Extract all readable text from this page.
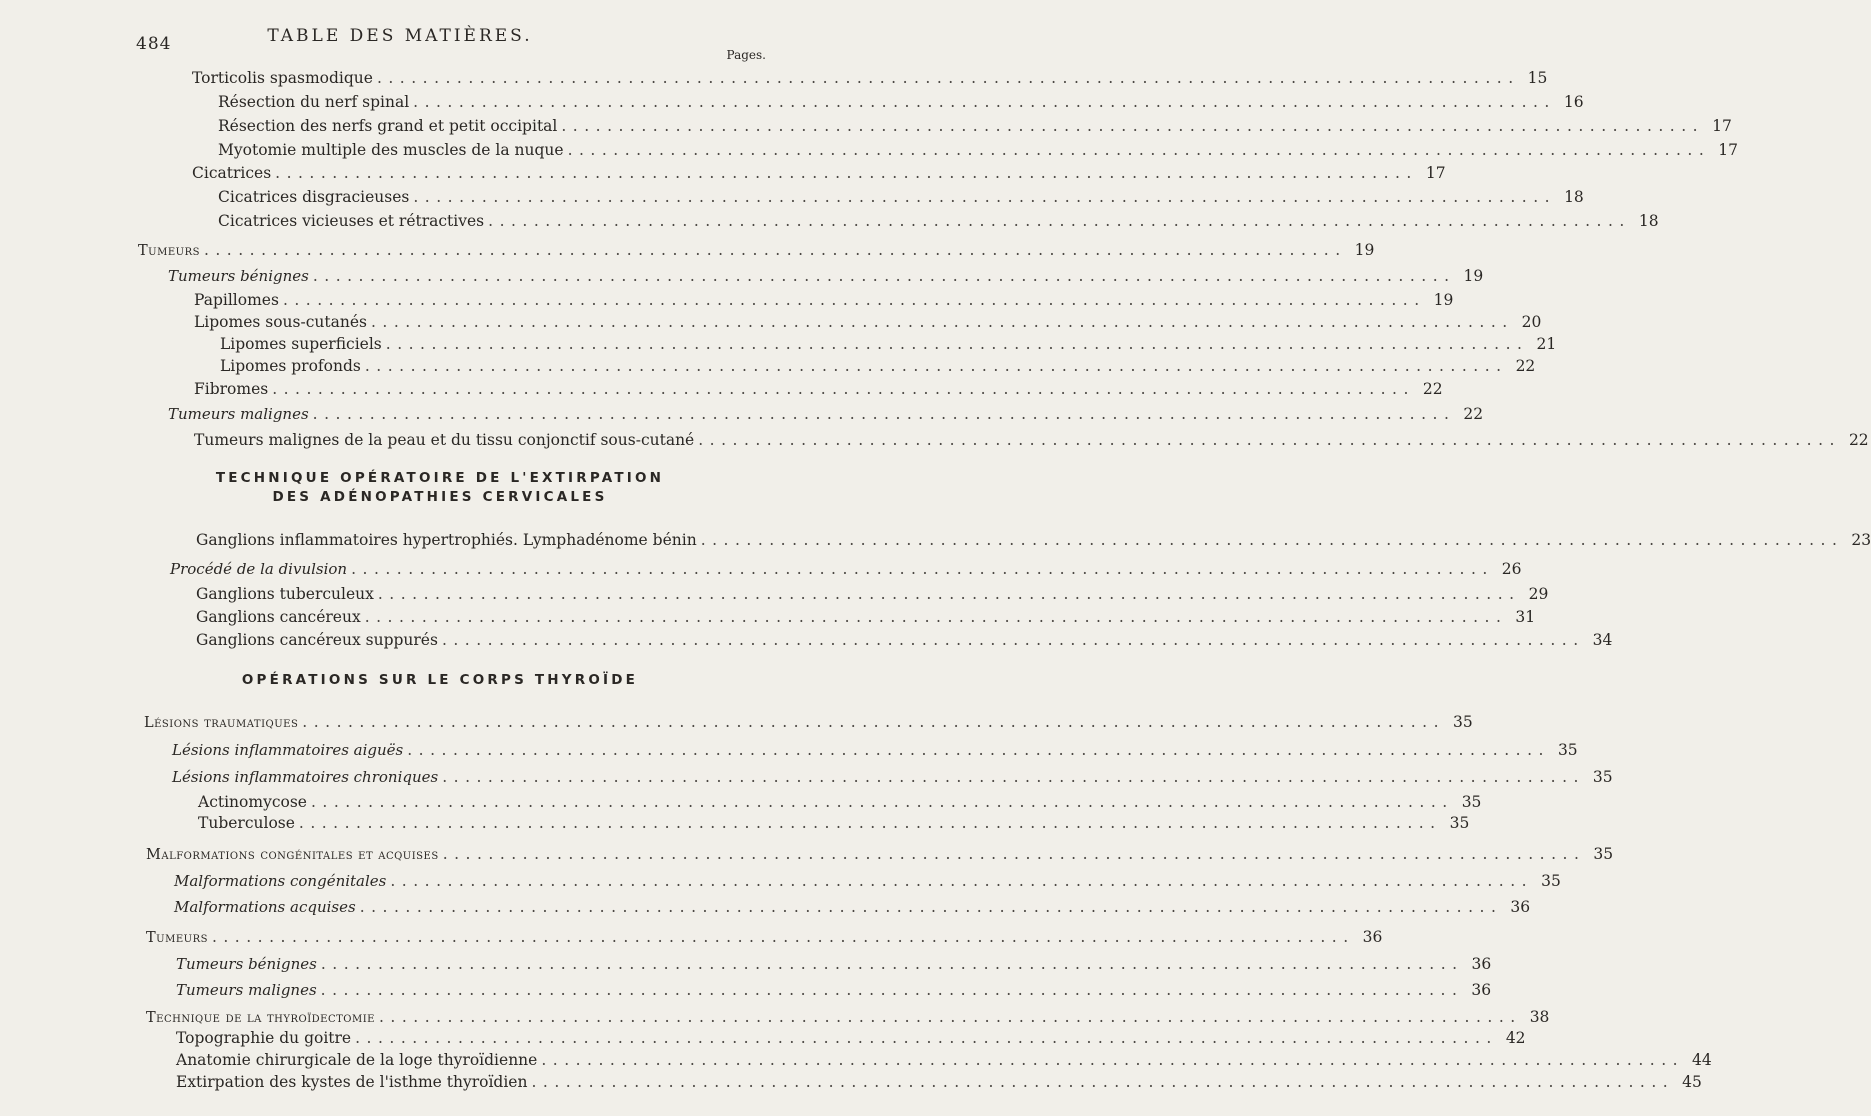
484	TABLE DES MATIÈRES.
Pages.
Torticolis spasmodique .................................................................................................... 15
Résection du nerf spinal .................................................................................................... 16
Résection des nerfs grand et petit occipital .................................................................................................... 17
Myotomie multiple des muscles de la nuque .................................................................................................... 17
Cicatrices .................................................................................................... 17
Cicatrices disgracieuses .................................................................................................... 18
Cicatrices vicieuses et rétractives .................................................................................................... 18
Tumeurs .................................................................................................... 19
Tumeurs bénignes .................................................................................................... 19
Papillomes .................................................................................................... 19
Lipomes sous-cutanés .................................................................................................... 20
Lipomes superficiels .................................................................................................... 21
Lipomes profonds .................................................................................................... 22
Fibromes .................................................................................................... 22
Tumeurs malignes .................................................................................................... 22
Tumeurs malignes de la peau et du tissu conjonctif sous-cutané .................................................................................................... 22
TECHNIQUE OPÉRATOIRE DE L'EXTIRPATION
DES ADÉNOPATHIES CERVICALES
Ganglions inflammatoires hypertrophiés. Lymphadénome bénin .................................................................................................... 23
Procédé de la divulsion .................................................................................................... 26
Ganglions tuberculeux .................................................................................................... 29
Ganglions cancéreux .................................................................................................... 31
Ganglions cancéreux suppurés .................................................................................................... 34
OPÉRATIONS SUR LE CORPS THYROÏDE
Lésions traumatiques .................................................................................................... 35
Lésions inflammatoires aiguës .................................................................................................... 35
Lésions inflammatoires chroniques .................................................................................................... 35
Actinomycose .................................................................................................... 35
Tuberculose .................................................................................................... 35
Malformations congénitales et acquises .................................................................................................... 35
Malformations congénitales .................................................................................................... 35
Malformations acquises .................................................................................................... 36
Tumeurs .................................................................................................... 36
Tumeurs bénignes .................................................................................................... 36
Tumeurs malignes .................................................................................................... 36
Technique de la thyroïdectomie .................................................................................................... 38
Topographie du goitre .................................................................................................... 42
Anatomie chirurgicale de la loge thyroïdienne .................................................................................................... 44
Extirpation des kystes de l'isthme thyroïdien .................................................................................................... 45
